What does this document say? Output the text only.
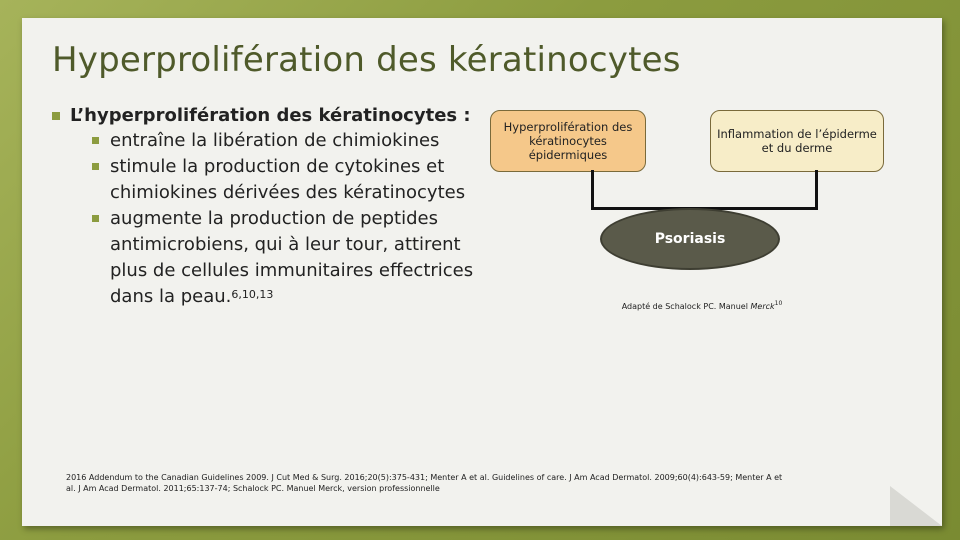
Hyperprolifération des kératinocytes
L’hyperprolifération des kératinocytes :
entraîne la libération de chimiokines
stimule la production de cytokines et chimiokines dérivées des kératinocytes
augmente la production de peptides antimicrobiens, qui à leur tour, attirent plus de cellules immunitaires effectrices dans la peau.$^{6,10,13}$
Hyperprolifération des kératinocytes épidermiques
Inflammation de l’épiderme et du derme
Psoriasis
Adapté de Schalock PC. Manuel Merck$^{10}$
2016 Addendum to the Canadian Guidelines 2009. J Cut Med & Surg. 2016;20(5):375-431; Menter A et al. Guidelines of care. J Am Acad Dermatol. 2009;60(4):643-59; Menter A et al. J Am Acad Dermatol. 2011;65:137-74; Schalock PC. Manuel Merck, version professionnelle
